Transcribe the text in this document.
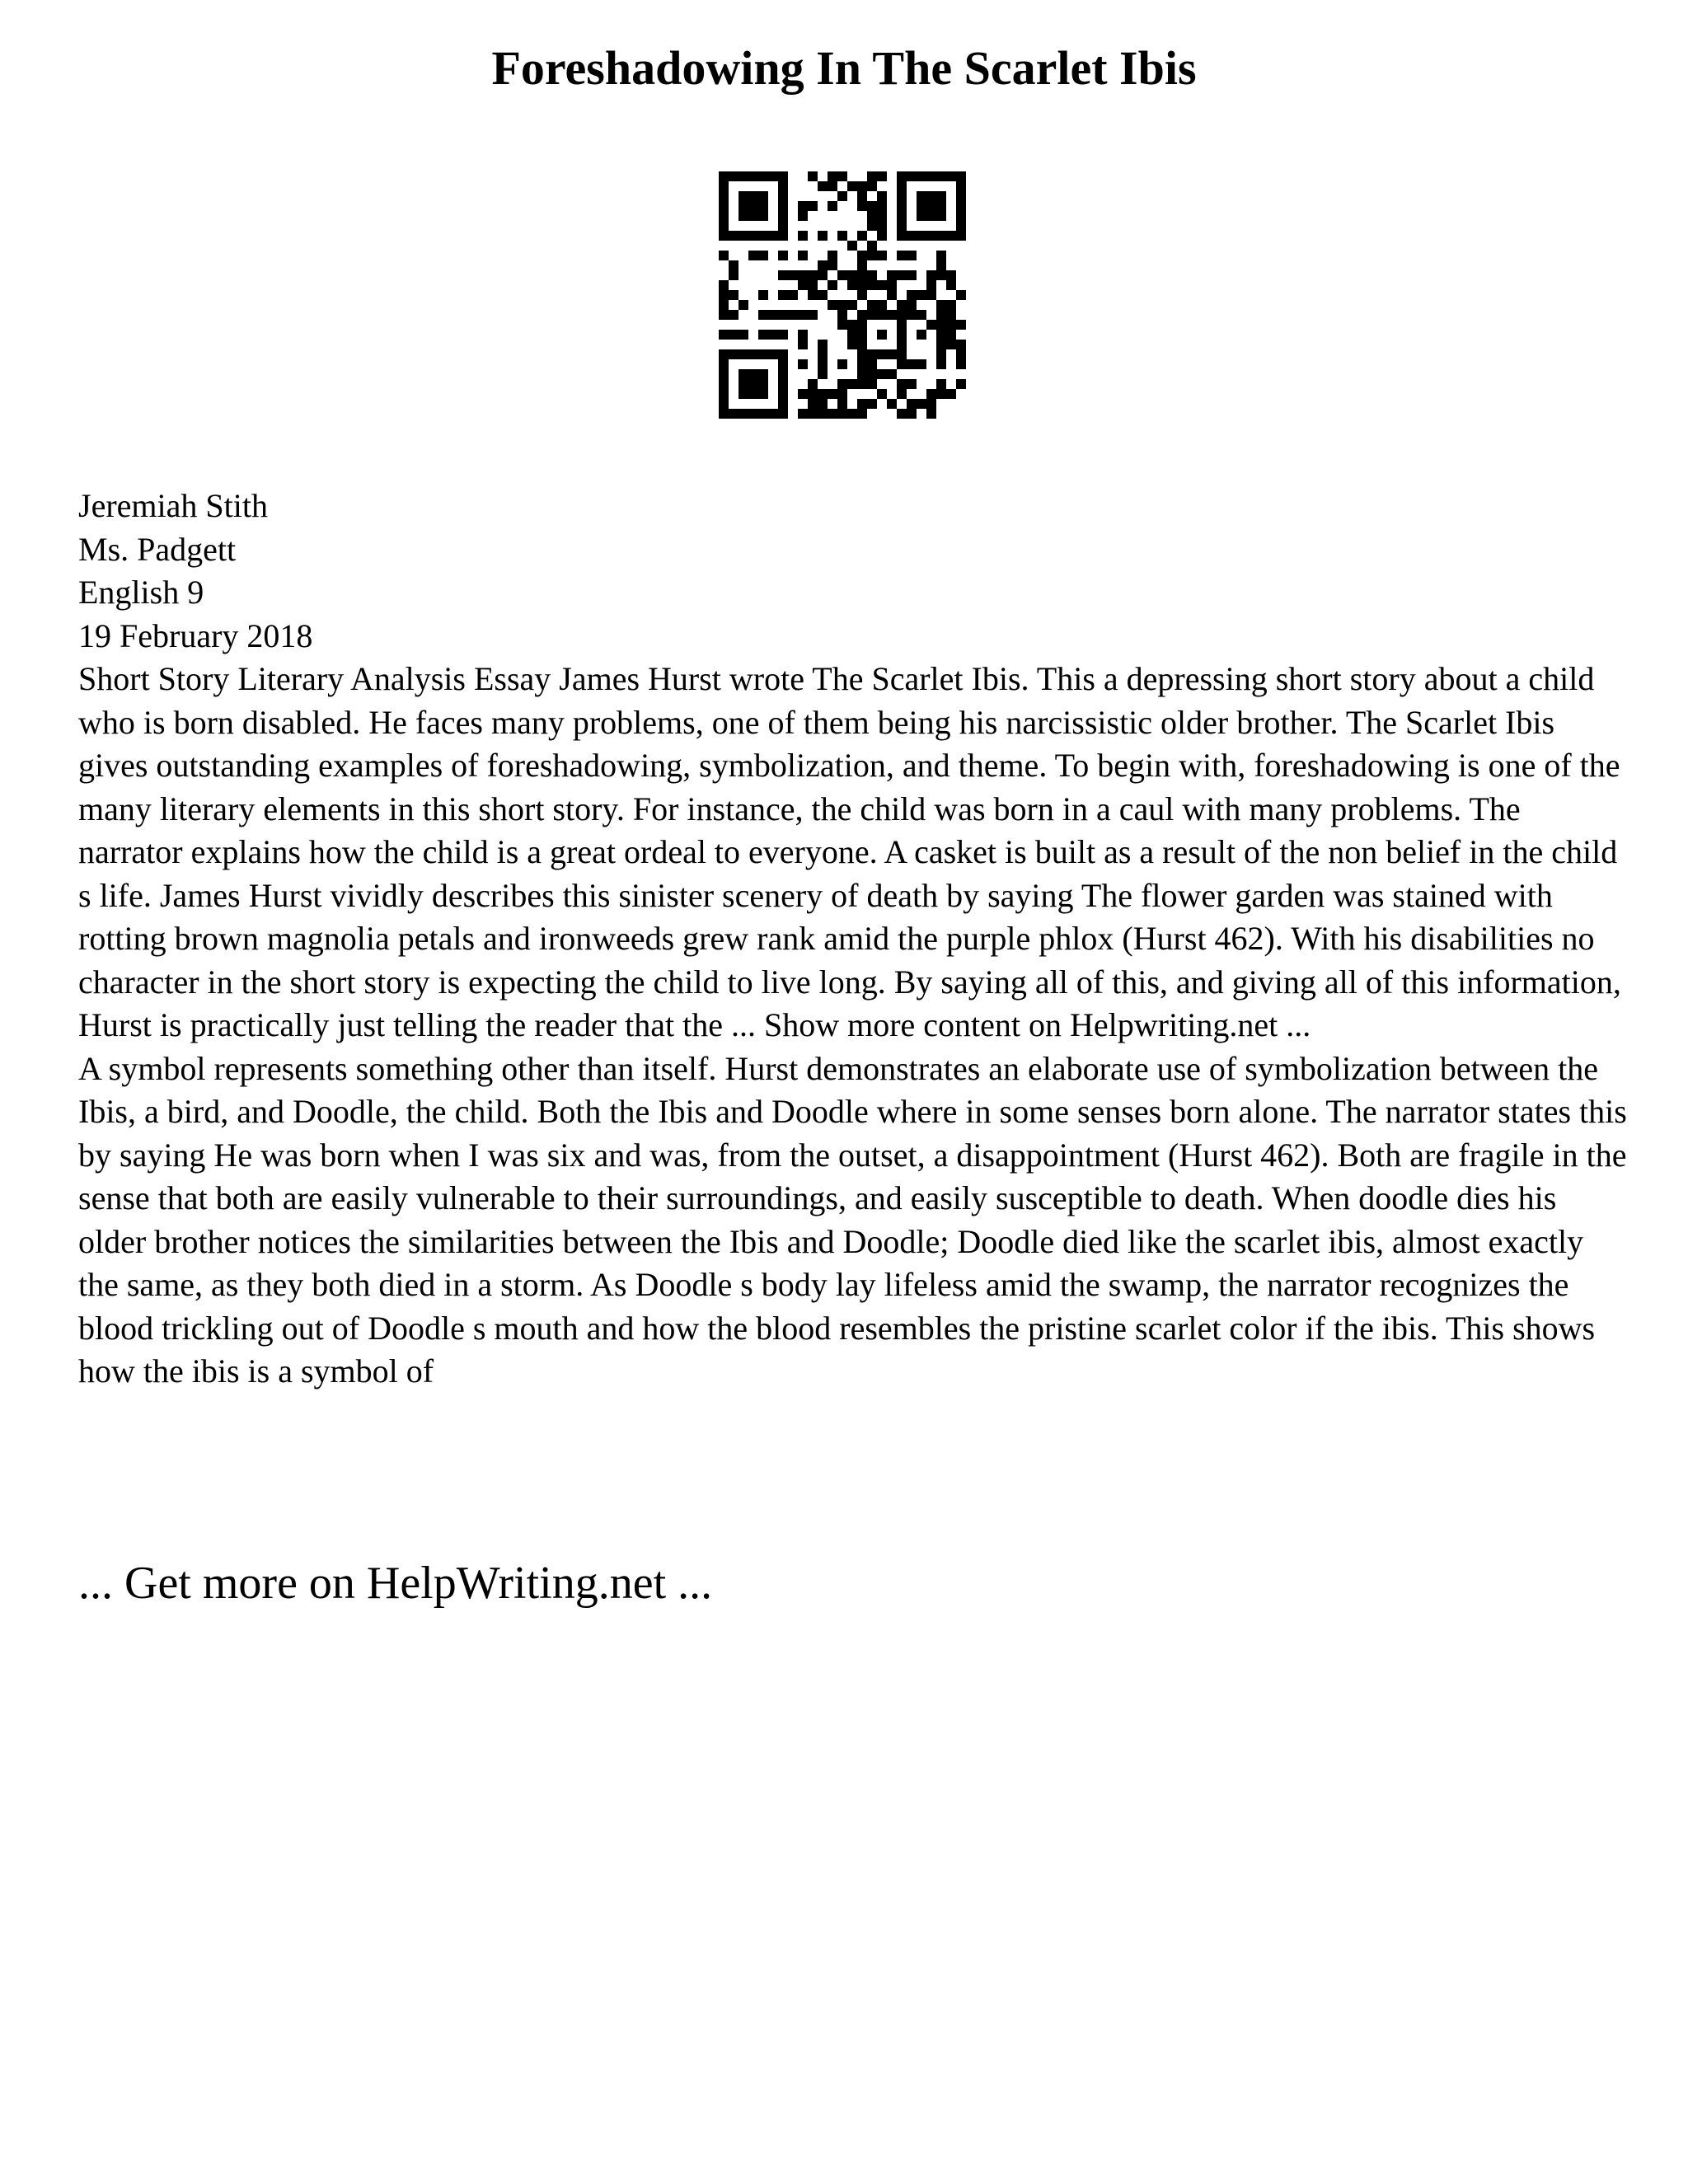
Foreshadowing In The Scarlet Ibis
Jeremiah Stith
Ms. Padgett
English 9
19 February 2018

Short Story Literary Analysis Essay James Hurst wrote The Scarlet Ibis. This a depressing short story about a child who is born disabled. He faces many problems, one of them being his narcissistic older brother. The Scarlet Ibis gives outstanding examples of foreshadowing, symbolization, and theme. To begin with, foreshadowing is one of the many literary elements in this short story. For instance, the child was born in a caul with many problems. The narrator explains how the child is a great ordeal to everyone. A casket is built as a result of the non belief in the child s life. James Hurst vividly describes this sinister scenery of death by saying The flower garden was stained with rotting brown magnolia petals and ironweeds grew rank amid the purple phlox (Hurst 462). With his disabilities no character in the short story is expecting the child to live long. By saying all of this, and giving all of this information, Hurst is practically just telling the reader that the ... Show more content on Helpwriting.net ...

A symbol represents something other than itself. Hurst demonstrates an elaborate use of symbolization between the Ibis, a bird, and Doodle, the child. Both the Ibis and Doodle where in some senses born alone. The narrator states this by saying He was born when I was six and was, from the outset, a disappointment (Hurst 462). Both are fragile in the sense that both are easily vulnerable to their surroundings, and easily susceptible to death. When doodle dies his older brother notices the similarities between the Ibis and Doodle; Doodle died like the scarlet ibis, almost exactly the same, as they both died in a storm. As Doodle s body lay lifeless amid the swamp, the narrator recognizes the blood trickling out of Doodle s mouth and how the blood resembles the pristine scarlet color if the ibis. This shows how the ibis is a symbol of

... Get more on HelpWriting.net ...
